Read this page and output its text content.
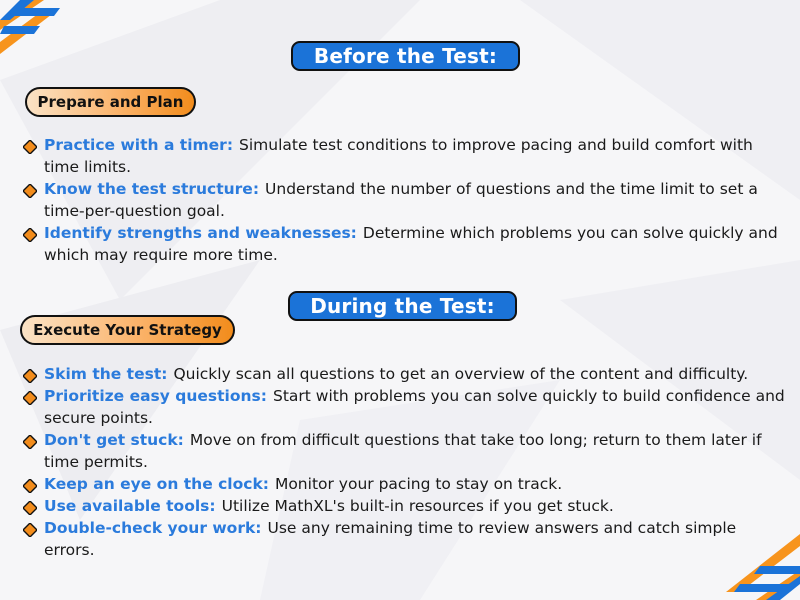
Before the Test:
Prepare and Plan
Practice with a timer: Simulate test conditions to improve pacing and build comfort with time limits.
Know the test structure: Understand the number of questions and the time limit to set a time-per-question goal.
Identify strengths and weaknesses: Determine which problems you can solve quickly and which may require more time.
During the Test:
Execute Your Strategy
Skim the test: Quickly scan all questions to get an overview of the content and difficulty.
Prioritize easy questions: Start with problems you can solve quickly to build confidence and secure points.
Don't get stuck: Move on from difficult questions that take too long; return to them later if time permits.
Keep an eye on the clock: Monitor your pacing to stay on track.
Use available tools: Utilize MathXL's built-in resources if you get stuck.
Double-check your work: Use any remaining time to review answers and catch simple errors.
